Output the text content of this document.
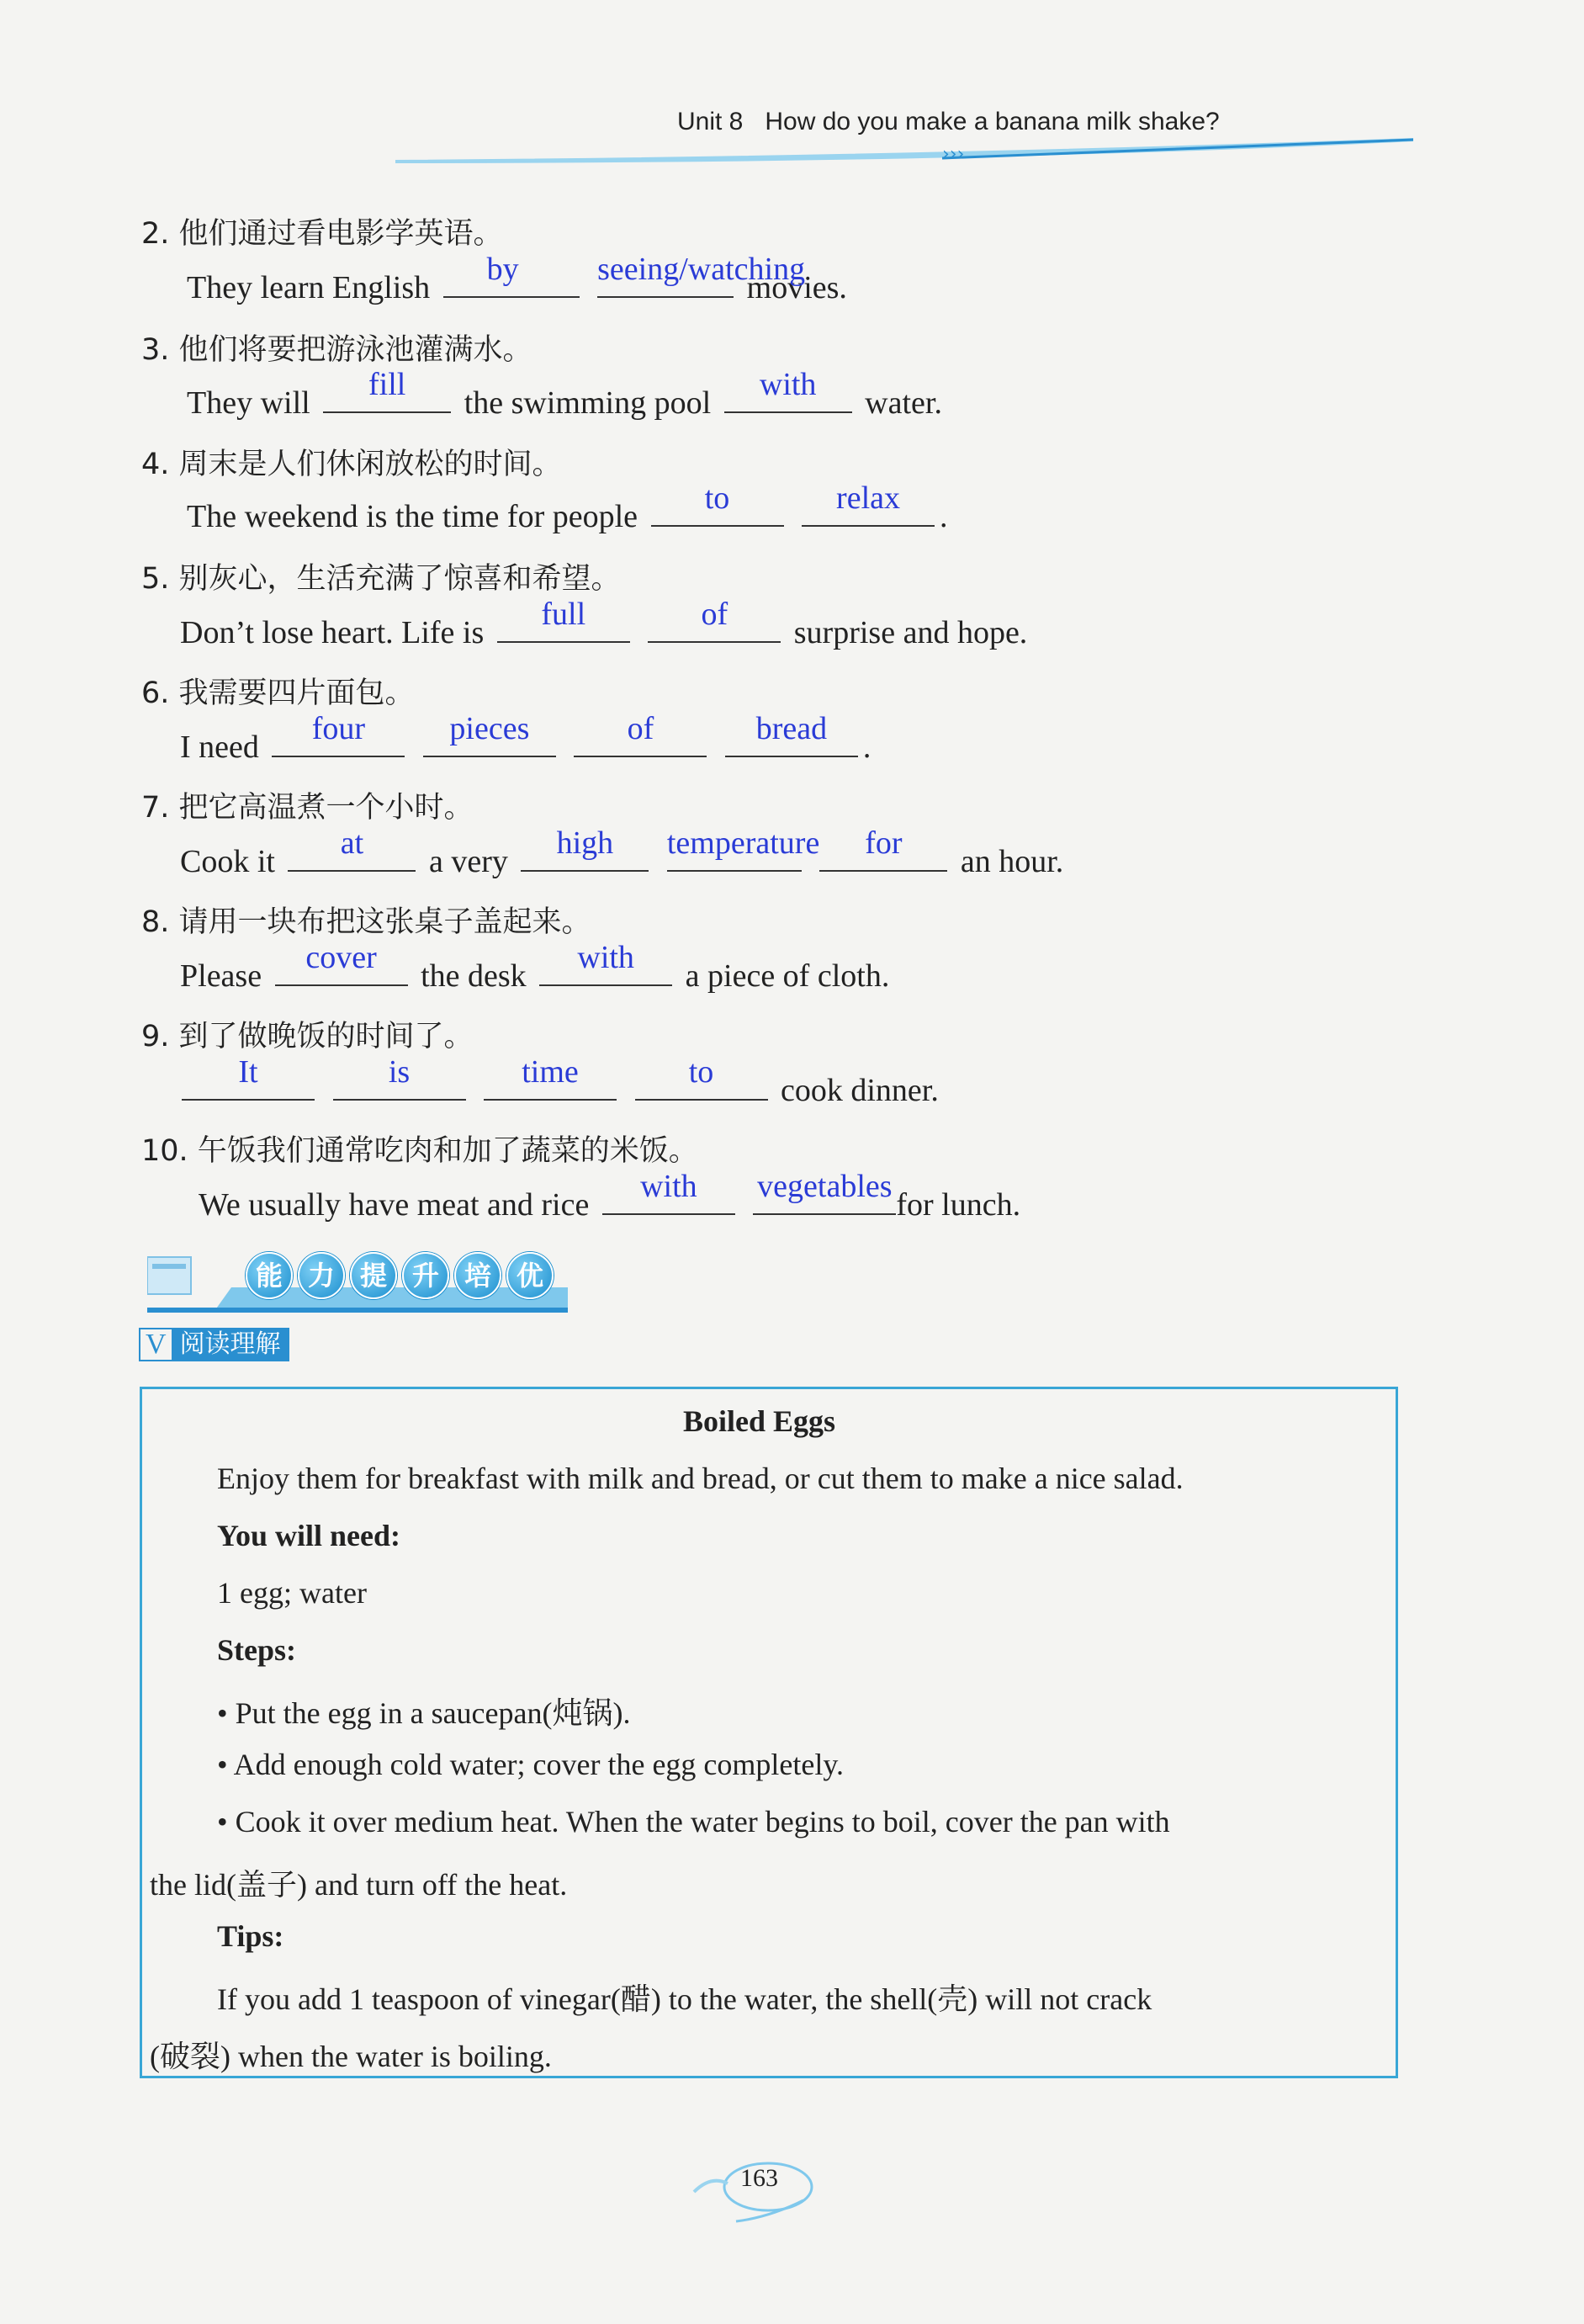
Unit 8 How do you make a banana milk shake?
›››
2. 他们通过看电影学英语。
They learn English
by
	seeing/watching
movies.
3. 他们将要把游泳池灌满水。
They will
fill
the swimming pool
with
water.
4. 周末是人们休闲放松的时间。
The weekend is the time for people
to
	relax
.
5. 别灰心，生活充满了惊喜和希望。
Don’t lose heart. Life is
full
	of
surprise and hope.
6. 我需要四片面包。
I need
four
	pieces
	of
	bread
.
7. 把它高温煮一个小时。
Cook it
at
a very
high
	temperature
	for
an hour.
8. 请用一块布把这张桌子盖起来。
Please
cover
the desk
with
a piece of cloth.
9. 到了做晚饭的时间了。
It
	is
	time
	to
cook dinner.
10. 午饭我们通常吃肉和加了蔬菜的米饭。
We usually have meat and rice
with
	vegetables
for lunch.
能 力 提 升 培 优
V 阅读理解
Boiled Eggs
Enjoy them for breakfast with milk and bread, or cut them to make a nice salad.
You will need:
1 egg; water
Steps:
• Put the egg in a saucepan(炖锅).
• Add enough cold water; cover the egg completely.
• Cook it over medium heat. When the water begins to boil, cover the pan with
the lid(盖子) and turn off the heat.
Tips:
If you add 1 teaspoon of vinegar(醋) to the water, the shell(壳) will not crack
(破裂) when the water is boiling.
163
